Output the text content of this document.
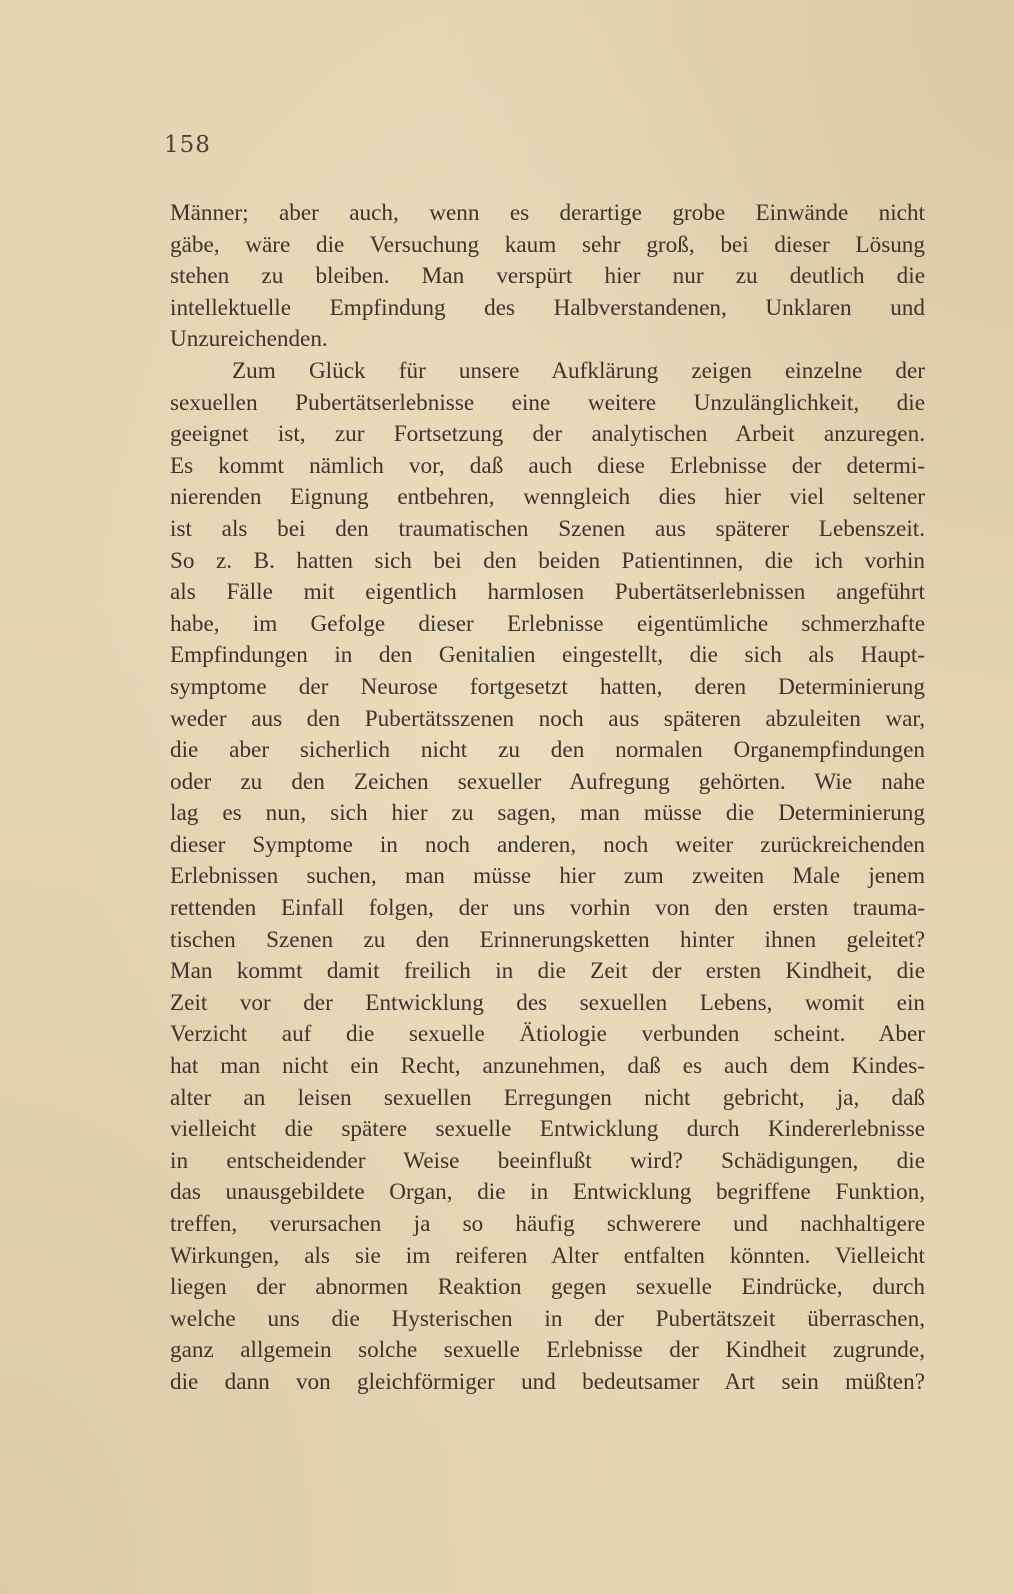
158
Männer; aber auch, wenn es derartige grobe Einwände nicht
gäbe, wäre die Versuchung kaum sehr groß, bei dieser Lösung
stehen zu bleiben. Man verspürt hier nur zu deutlich die
intellektuelle Empfindung des Halbverstandenen, Unklaren und
Unzureichenden.
Zum Glück für unsere Aufklärung zeigen einzelne der
sexuellen Pubertätserlebnisse eine weitere Unzulänglichkeit, die
geeignet ist, zur Fortsetzung der analytischen Arbeit anzuregen.
Es kommt nämlich vor, daß auch diese Erlebnisse der determi-
nierenden Eignung entbehren, wenngleich dies hier viel seltener
ist als bei den traumatischen Szenen aus späterer Lebenszeit.
So z. B. hatten sich bei den beiden Patientinnen, die ich vorhin
als Fälle mit eigentlich harmlosen Pubertätserlebnissen angeführt
habe, im Gefolge dieser Erlebnisse eigentümliche schmerzhafte
Empfindungen in den Genitalien eingestellt, die sich als Haupt-
symptome der Neurose fortgesetzt hatten, deren Determinierung
weder aus den Pubertätsszenen noch aus späteren abzuleiten war,
die aber sicherlich nicht zu den normalen Organempfindungen
oder zu den Zeichen sexueller Aufregung gehörten. Wie nahe
lag es nun, sich hier zu sagen, man müsse die Determinierung
dieser Symptome in noch anderen, noch weiter zurückreichenden
Erlebnissen suchen, man müsse hier zum zweiten Male jenem
rettenden Einfall folgen, der uns vorhin von den ersten trauma-
tischen Szenen zu den Erinnerungsketten hinter ihnen geleitet?
Man kommt damit freilich in die Zeit der ersten Kindheit, die
Zeit vor der Entwicklung des sexuellen Lebens, womit ein
Verzicht auf die sexuelle Ätiologie verbunden scheint. Aber
hat man nicht ein Recht, anzunehmen, daß es auch dem Kindes-
alter an leisen sexuellen Erregungen nicht gebricht, ja, daß
vielleicht die spätere sexuelle Entwicklung durch Kindererlebnisse
in entscheidender Weise beeinflußt wird? Schädigungen, die
das unausgebildete Organ, die in Entwicklung begriffene Funktion,
treffen, verursachen ja so häufig schwerere und nachhaltigere
Wirkungen, als sie im reiferen Alter entfalten könnten. Vielleicht
liegen der abnormen Reaktion gegen sexuelle Eindrücke, durch
welche uns die Hysterischen in der Pubertätszeit überraschen,
ganz allgemein solche sexuelle Erlebnisse der Kindheit zugrunde,
die dann von gleichförmiger und bedeutsamer Art sein müßten?
